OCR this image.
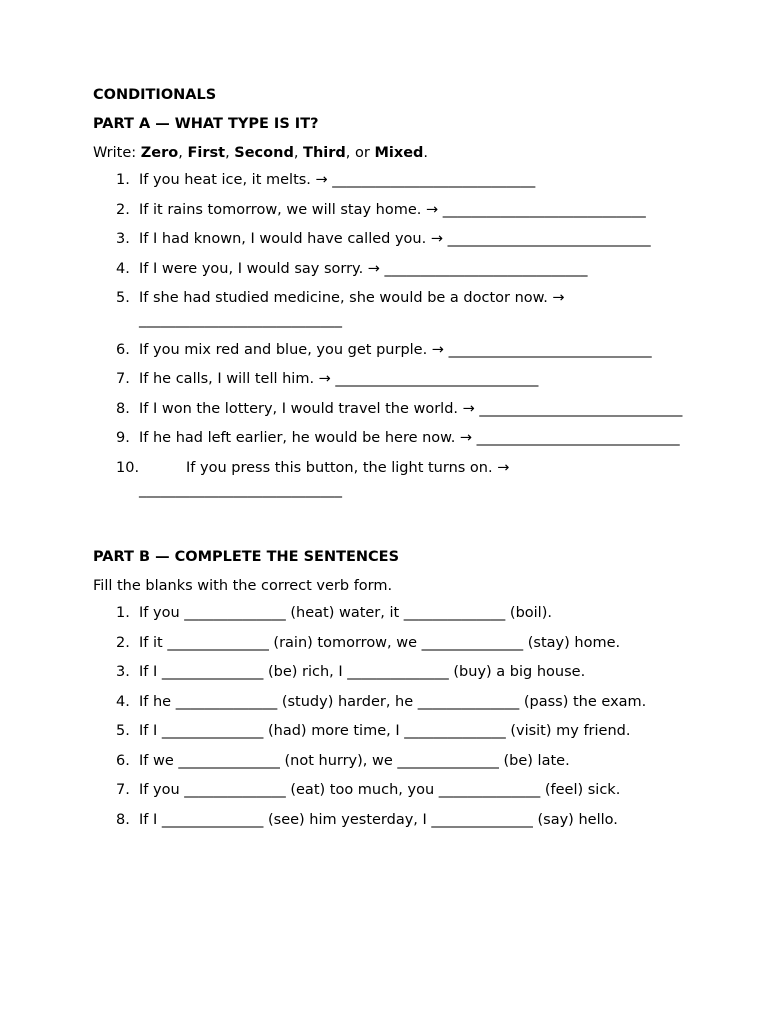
CONDITIONALS
PART A — WHAT TYPE IS IT?
Write: Zero, First, Second, Third, or Mixed.
1. If you heat ice, it melts. → ____________________________
2. If it rains tomorrow, we will stay home. → ____________________________
3. If I had known, I would have called you. → ____________________________
4. If I were you, I would say sorry. → ____________________________
5. If she had studied medicine, she would be a doctor now. → ____________________________
6. If you mix red and blue, you get purple. → ____________________________
7. If he calls, I will tell him. → ____________________________
8. If I won the lottery, I would travel the world. → ____________________________
9. If he had left earlier, he would be here now. → ____________________________
10.	If you press this button, the light turns on. → ____________________________
PART B — COMPLETE THE SENTENCES
Fill the blanks with the correct verb form.
1. If you ______________ (heat) water, it ______________ (boil).
2. If it ______________ (rain) tomorrow, we ______________ (stay) home.
3. If I ______________ (be) rich, I ______________ (buy) a big house.
4. If he ______________ (study) harder, he ______________ (pass) the exam.
5. If I ______________ (had) more time, I ______________ (visit) my friend.
6. If we ______________ (not hurry), we ______________ (be) late.
7. If you ______________ (eat) too much, you ______________ (feel) sick.
8. If I ______________ (see) him yesterday, I ______________ (say) hello.
